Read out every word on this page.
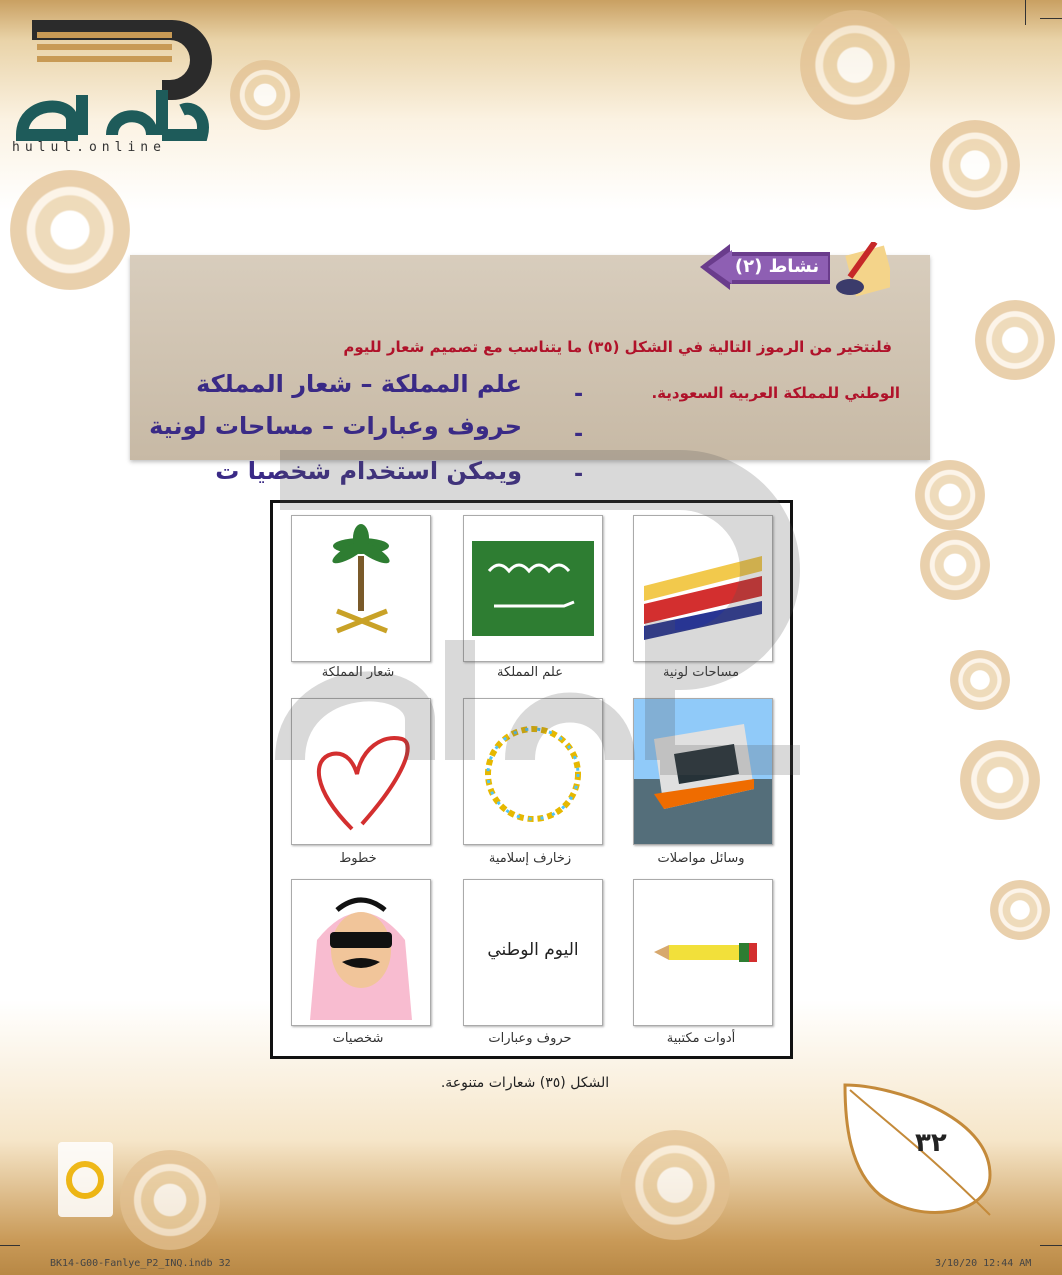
hulul.online
نشاط (٢)
فلنتخير من الرموز التالية في الشكل (٣٥) ما يتناسب مع تصميم شعار لليوم
الوطني للمملكة العربية السعودية.
-
-
-
علم المملكة – شعار المملكة
حروف وعبارات – مساحات لونية
ويمكن استخدام شخصيا ت
شعار المملكة	علم المملكة	مساحات لونية
خطوط	زخارف إسلامية	وسائل مواصلات
اليوم الوطني
شخصيات	حروف وعبارات	أدوات مكتبية
الشكل (٣٥) شعارات متنوعة.
٣٢
BK14-G00-Fanlye_P2_INQ.indb 32	3/10/20 12:44 AM
